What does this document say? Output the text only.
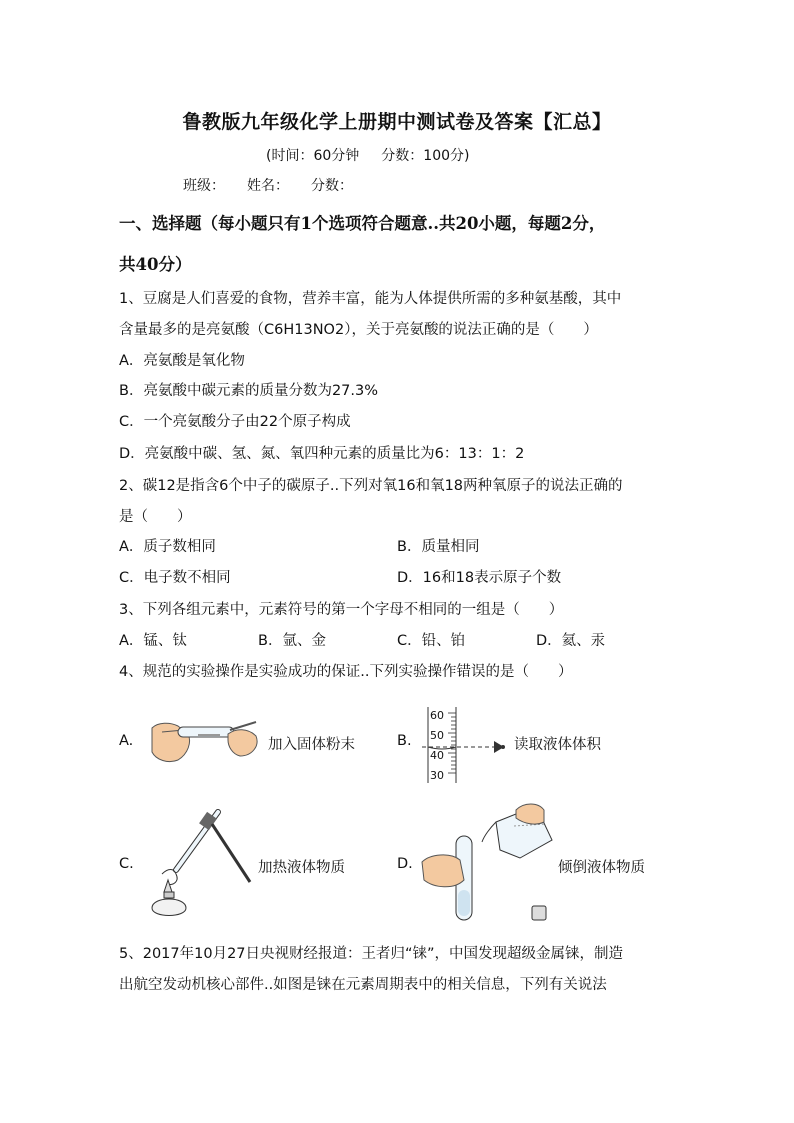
鲁教版九年级化学上册期中测试卷及答案【汇总】
(时间：60分钟 分数：100分)
班级： 姓名： 分数：
一、选择题（每小题只有1个选项符合题意..共20小题，每题2分，
共40分）
1、豆腐是人们喜爱的食物，营养丰富，能为人体提供所需的多种氨基酸，其中
含量最多的是亮氨酸（C6H13NO2），关于亮氨酸的说法正确的是（　　）
A．亮氨酸是氧化物
B．亮氨酸中碳元素的质量分数为27.3%
C．一个亮氨酸分子由22个原子构成
D．亮氨酸中碳、氢、氮、氧四种元素的质量比为6：13：1：2
2、碳12是指含6个中子的碳原子..下列对氧16和氧18两种氧原子的说法正确的
是（　　）
A．质子数相同	B．质量相同
C．电子数不相同	D．16和18表示原子个数
3、下列各组元素中，元素符号的第一个字母不相同的一组是（　　）
A．锰、钛	B．氩、金	C．铅、铂	D．氦、汞
4、规范的实验操作是实验成功的保证..下列实验操作错误的是（　　）
A.	加入固体粉末	B.
60
50
40
30
读取液体体积
C.	加热液体物质	D.	倾倒液体物质
5、2017年10月27日央视财经报道：王者归“铼”，中国发现超级金属铼，制造
出航空发动机核心部件..如图是铼在元素周期表中的相关信息，下列有关说法
